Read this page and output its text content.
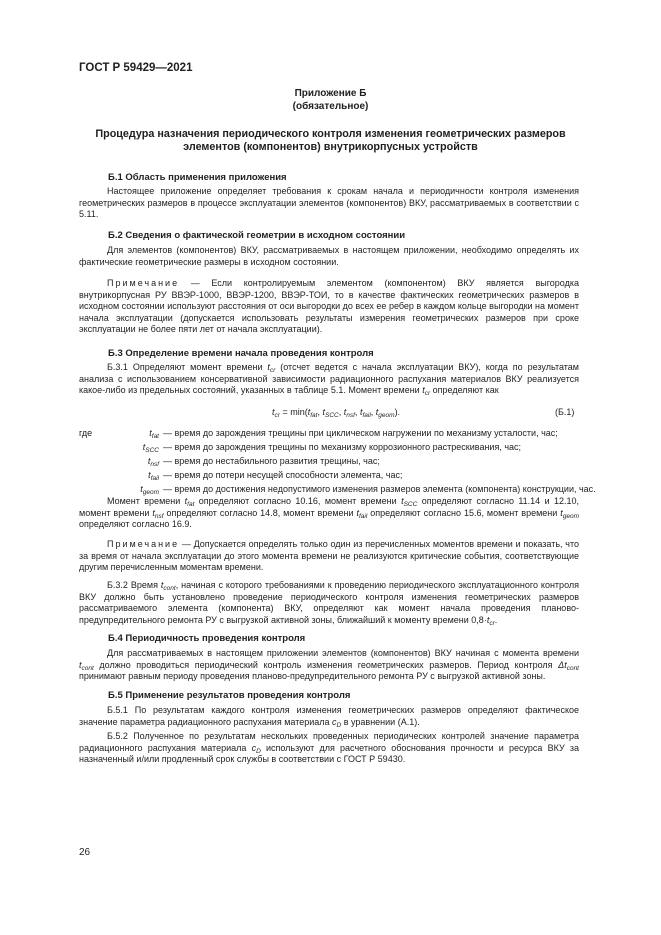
ГОСТ Р 59429—2021
Приложение Б
(обязательное)
Процедура назначения периодического контроля изменения геометрических размеров
элементов (компонентов) внутрикорпусных устройств
Б.1 Область применения приложения
Настоящее приложение определяет требования к срокам начала и периодичности контроля изменения геометрических размеров в процессе эксплуатации элементов (компонентов) ВКУ, рассматриваемых в соответствии с 5.11.
Б.2 Сведения о фактической геометрии в исходном состоянии
Для элементов (компонентов) ВКУ, рассматриваемых в настоящем приложении, необходимо определять их фактические геометрические размеры в исходном состоянии.
Примечание — Если контролируемым элементом (компонентом) ВКУ является выгородка внутрикорпусная РУ ВВЭР-1000, ВВЭР-1200, ВВЭР-ТОИ, то в качестве фактических геометрических размеров в исходном состоянии используют расстояния от оси выгородки до всех ее ребер в каждом кольце выгородки на момент начала эксплуатации (допускается использовать результаты измерения геометрических размеров при сроке эксплуатации не более пяти лет от начала эксплуатации).
Б.3 Определение времени начала проведения контроля
Б.3.1 Определяют момент времени $t_{cr}$ (отсчет ведется с начала эксплуатации ВКУ), когда по результатам анализа с использованием консервативной зависимости радиационного распухания материалов ВКУ реализуется какое-либо из предельных состояний, указанных в таблице 5.1. Момент времени $t_{cr}$ определяют как
$t_{cr} = \min(t_{fat}$, $t_{SCC}$, $t_{nsf}$, $t_{fail}$, $t_{geom}$).	(Б.1)
где	$t_{fat}$ — время до зарождения трещины при циклическом нагружении по механизму усталости, час;
$t_{SCC}$ — время до зарождения трещины по механизму коррозионного растрескивания, час;
$t_{nsf}$ — время до нестабильного развития трещины, час;
$t_{fail}$ — время до потери несущей способности элемента, час;
$t_{geom}$ — время до достижения недопустимого изменения размеров элемента (компонента) конструкции, час.
Момент времени $t_{fat}$ определяют согласно 10.16, момент времени $t_{SCC}$ определяют согласно 11.14 и 12.10, момент времени $t_{nsf}$ определяют согласно 14.8, момент времени $t_{fail}$ определяют согласно 15.6, момент времени $t_{geom}$ определяют согласно 16.9.
Примечание — Допускается определять только один из перечисленных моментов времени и показать, что за время от начала эксплуатации до этого момента времени не реализуются критические события, соответствующие другим перечисленным моментам времени.
Б.3.2 Время $t_{cont}$, начиная с которого требованиями к проведению периодического эксплуатационного контроля ВКУ должно быть установлено проведение периодического контроля изменения геометрических размеров рассматриваемого элемента (компонента) ВКУ, определяют как момент начала проведения планово-предупредительного ремонта РУ с выгрузкой активной зоны, ближайший к моменту времени $0,8\cdot t_{cr}$.
Б.4 Периодичность проведения контроля
Для рассматриваемых в настоящем приложении элементов (компонентов) ВКУ начиная с момента времени $t_{cont}$ должно проводиться периодический контроль изменения геометрических размеров. Период контроля $\Delta t_{cont}$ принимают равным периоду проведения планово-предупредительного ремонта РУ с выгрузкой активной зоны.
Б.5 Применение результатов проведения контроля
Б.5.1 По результатам каждого контроля изменения геометрических размеров определяют фактическое значение параметра радиационного распухания материала $c_D$ в уравнении (А.1).
Б.5.2 Полученное по результатам нескольких проведенных периодических контролей значение параметра радиационного распухания материала $c_D$ используют для расчетного обоснования прочности и ресурса ВКУ за назначенный и/или продленный срок службы в соответствии с ГОСТ Р 59430.
26
